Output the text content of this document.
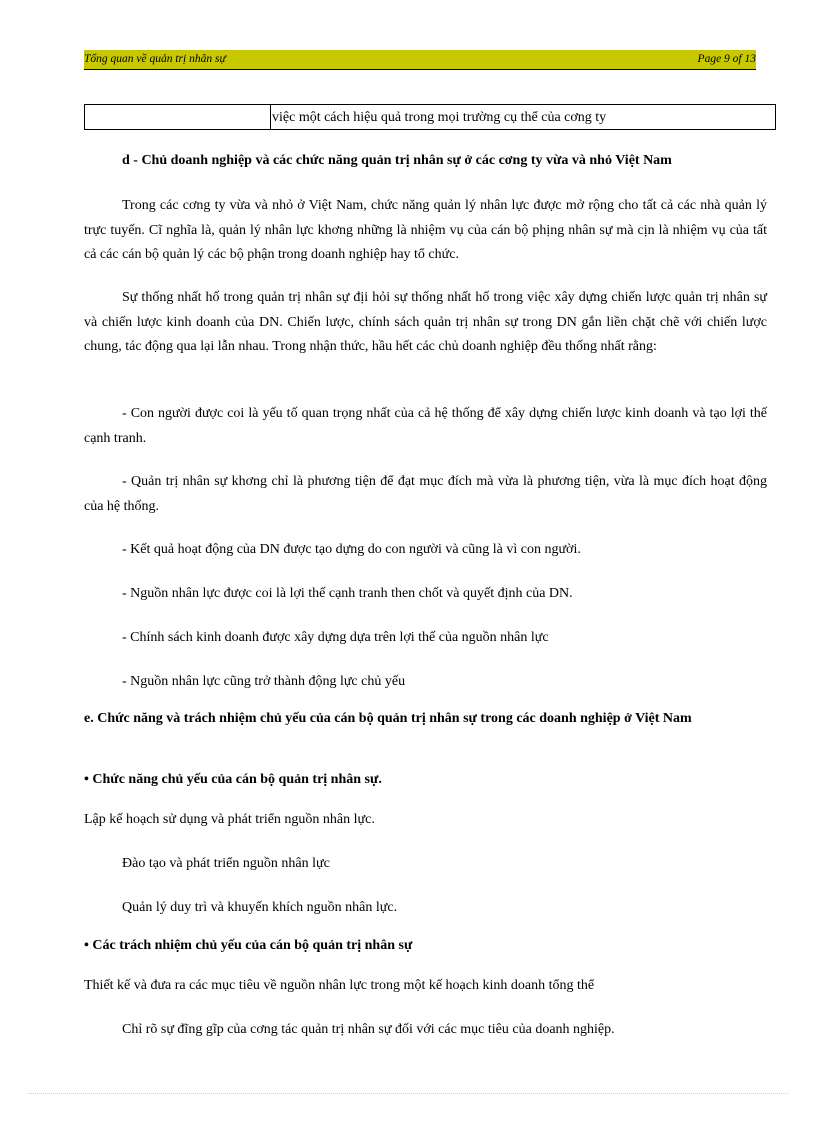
Tổng quan về quản trị nhân sự	Page 9 of 13
việc một cách hiệu quả trong mọi trường cụ thể của cơng ty

d - Chủ doanh nghiệp và các chức năng quản trị nhân sự ở các cơng ty vừa và nhỏ Việt Nam

Trong các cơng ty vừa và nhỏ ở Việt Nam, chức năng quản lý nhân lực được mở rộng cho tất cả các nhà quản lý trực tuyến. Cĩ nghĩa là, quản lý nhân lực khơng những là nhiệm vụ của cán bộ phịng nhân sự mà cịn là nhiệm vụ của tất cả các cán bộ quản lý các bộ phận trong doanh nghiệp hay tổ chức.

Sự thống nhất hố trong quản trị nhân sự địi hỏi sự thống nhất hố trong việc xây dựng chiến lược quản trị nhân sự và chiến lược kinh doanh của DN. Chiến lược, chính sách quản trị nhân sự trong DN gắn liền chặt chẽ với chiến lược chung, tác động qua lại lẫn nhau. Trong nhận thức, hầu hết các chủ doanh nghiệp đều thống nhất rằng:

- Con người được coi là yếu tố quan trọng nhất của cả hệ thống để xây dựng chiến lược kinh doanh và tạo lợi thế cạnh tranh.

- Quản trị nhân sự khơng chỉ là phương tiện để đạt mục đích mà vừa là phương tiện, vừa là mục đích hoạt động của hệ thống.

- Kết quả hoạt động của DN được tạo dựng do con người và cũng là vì con người.

- Nguồn nhân lực được coi là lợi thế cạnh tranh then chốt và quyết định của DN.

- Chính sách kinh doanh được xây dựng dựa trên lợi thế của nguồn nhân lực

- Nguồn nhân lực cũng trở thành động lực chủ yếu

e. Chức năng và trách nhiệm chủ yếu của cán bộ quản trị nhân sự trong các doanh nghiệp ở Việt Nam

• Chức năng chủ yếu của cán bộ quản trị nhân sự.

Lập kế hoạch sử dụng và phát triển nguồn nhân lực.

Đào tạo và phát triển nguồn nhân lực

Quản lý duy trì và khuyến khích nguồn nhân lực.

• Các trách nhiệm chủ yếu của cán bộ quản trị nhân sự

Thiết kế và đưa ra các mục tiêu về nguồn nhân lực trong một kế hoạch kinh doanh tổng thể

Chỉ rõ sự đĩng gĩp của cơng tác quản trị nhân sự đối với các mục tiêu của doanh nghiệp.
